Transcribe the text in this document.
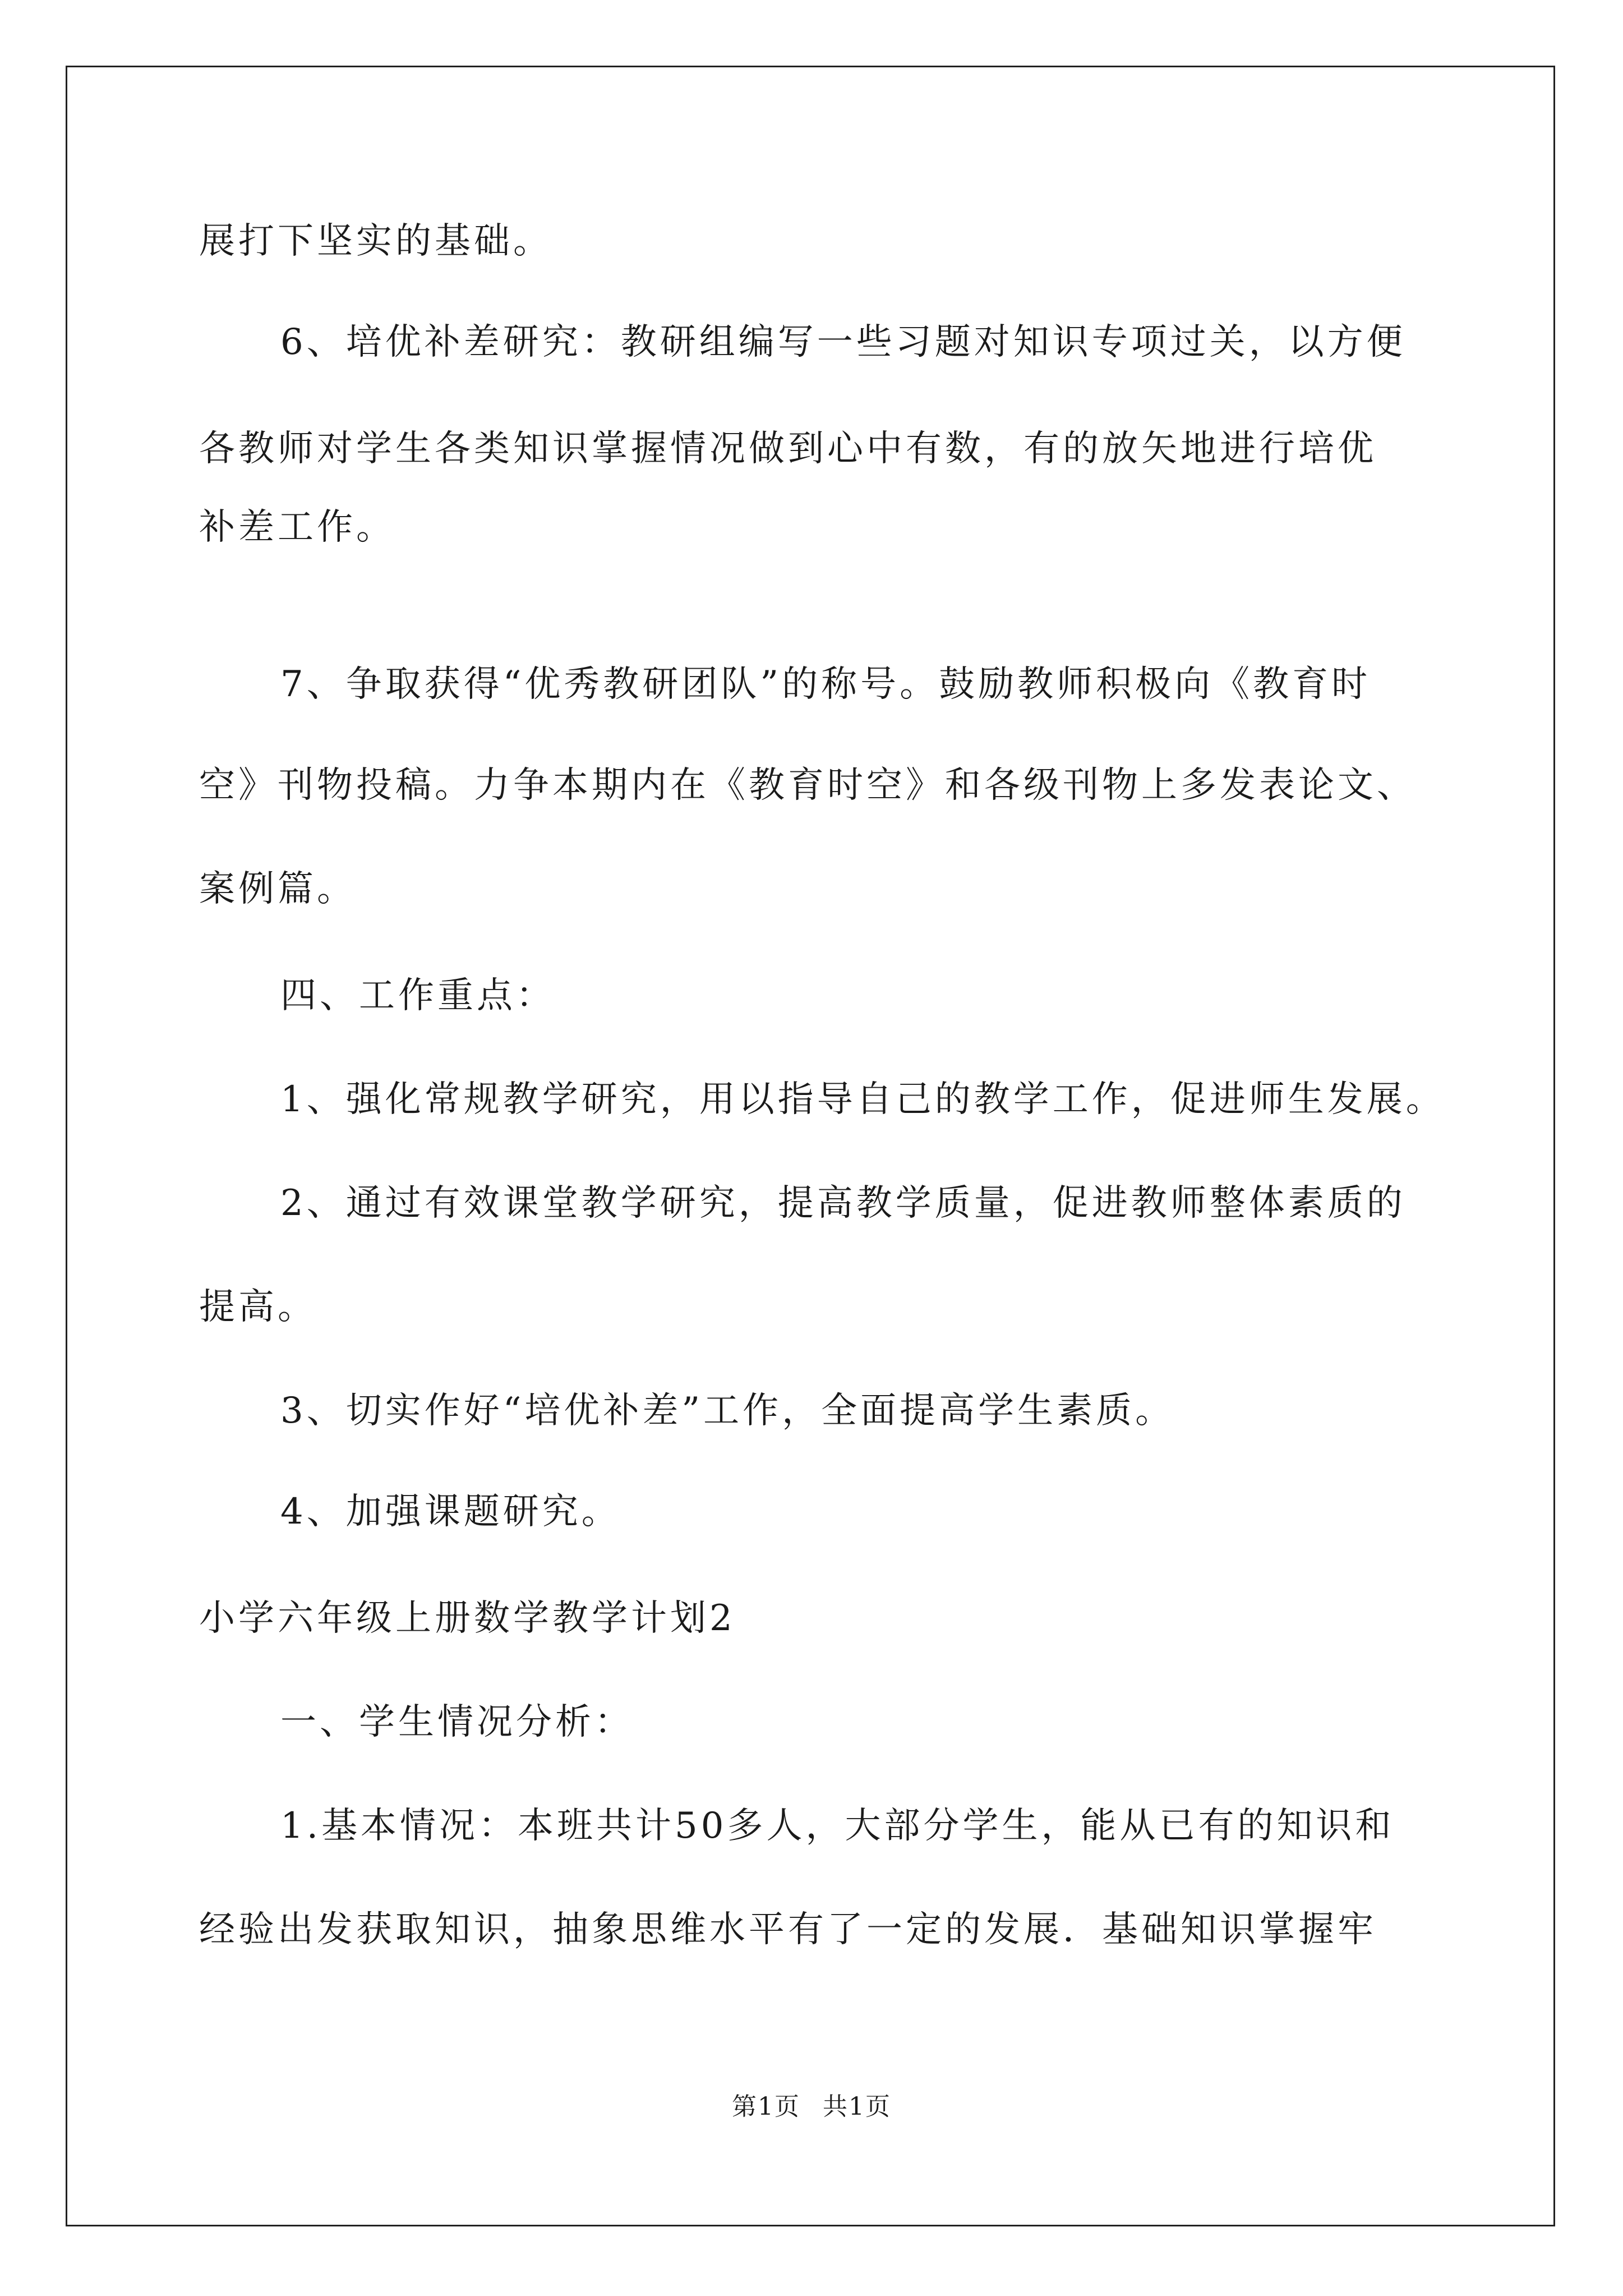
展打下坚实的基础。
6、培优补差研究：教研组编写一些习题对知识专项过关，以方便
各教师对学生各类知识掌握情况做到心中有数，有的放矢地进行培优
补差工作。
7、争取获得“优秀教研团队”的称号。鼓励教师积极向《教育时
空》刊物投稿。力争本期内在《教育时空》和各级刊物上多发表论文、
案例篇。
四、工作重点：
1、强化常规教学研究，用以指导自己的教学工作，促进师生发展。
2、通过有效课堂教学研究，提高教学质量，促进教师整体素质的
提高。
3、切实作好“培优补差”工作，全面提高学生素质。
4、加强课题研究。
小学六年级上册数学教学计划2
一、学生情况分析：
1.基本情况：本班共计50多人，大部分学生，能从已有的知识和
经验出发获取知识，抽象思维水平有了一定的发展．基础知识掌握牢
第1页 共1页
